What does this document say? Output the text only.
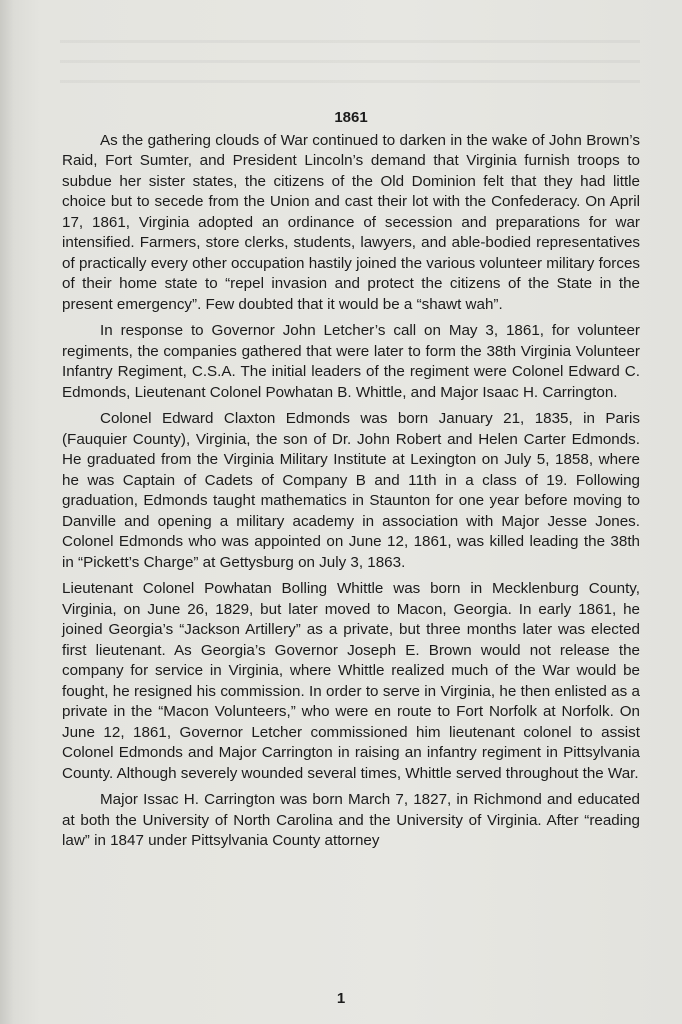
1861

As the gathering clouds of War continued to darken in the wake of John Brown’s Raid, Fort Sumter, and President Lincoln’s demand that Virginia furnish troops to subdue her sister states, the citizens of the Old Dominion felt that they had little choice but to secede from the Union and cast their lot with the Confederacy. On April 17, 1861, Virginia adopted an ordinance of secession and preparations for war intensified. Farmers, store clerks, students, lawyers, and able-bodied representatives of practically every other occupation hastily joined the various volunteer military forces of their home state to “repel invasion and protect the citizens of the State in the present emergency”. Few doubted that it would be a “shawt wah”.

In response to Governor John Letcher’s call on May 3, 1861, for volunteer regiments, the companies gathered that were later to form the 38th Virginia Volunteer Infantry Regiment, C.S.A. The initial leaders of the regiment were Colonel Edward C. Edmonds, Lieutenant Colonel Powhatan B. Whittle, and Major Isaac H. Carrington.

Colonel Edward Claxton Edmonds was born January 21, 1835, in Paris (Fauquier County), Virginia, the son of Dr. John Robert and Helen Carter Edmonds. He graduated from the Virginia Military Institute at Lexington on July 5, 1858, where he was Captain of Cadets of Company B and 11th in a class of 19. Following graduation, Edmonds taught mathematics in Staunton for one year before moving to Danville and opening a military academy in association with Major Jesse Jones. Colonel Edmonds who was appointed on June 12, 1861, was killed leading the 38th in “Pickett’s Charge” at Gettysburg on July 3, 1863.

Lieutenant Colonel Powhatan Bolling Whittle was born in Mecklenburg County, Virginia, on June 26, 1829, but later moved to Macon, Georgia. In early 1861, he joined Georgia’s “Jackson Artillery” as a private, but three months later was elected first lieutenant. As Georgia’s Governor Joseph E. Brown would not release the company for service in Virginia, where Whittle realized much of the War would be fought, he resigned his commission. In order to serve in Virginia, he then enlisted as a private in the “Macon Volunteers,” who were en route to Fort Norfolk at Norfolk. On June 12, 1861, Governor Letcher commissioned him lieutenant colonel to assist Colonel Edmonds and Major Carrington in raising an infantry regiment in Pittsylvania County. Although severely wounded several times, Whittle served throughout the War.

Major Issac H. Carrington was born March 7, 1827, in Richmond and educated at both the University of North Carolina and the University of Virginia. After “reading law” in 1847 under Pittsylvania County attorney

1
